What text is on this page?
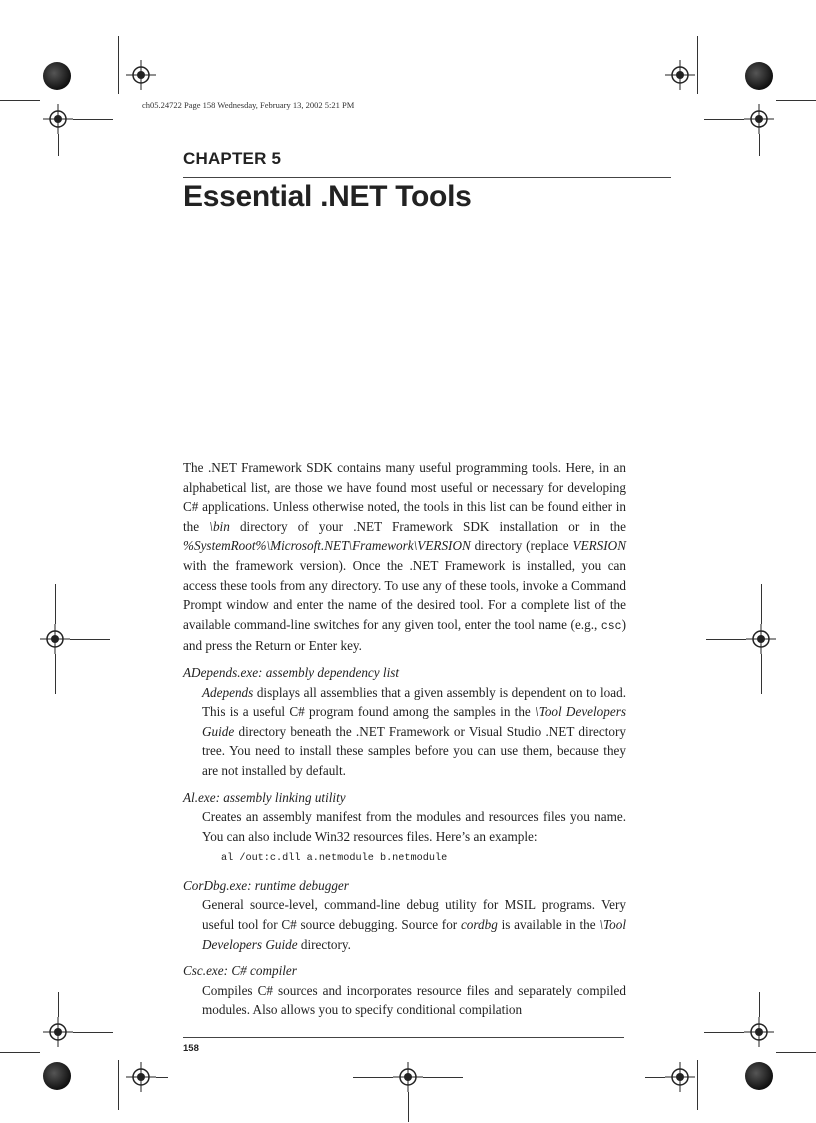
ch05.24722 Page 158 Wednesday, February 13, 2002 5:21 PM
CHAPTER 5
Essential .NET Tools

The .NET Framework SDK contains many useful programming tools. Here, in an alphabetical list, are those we have found most useful or necessary for developing C# applications. Unless otherwise noted, the tools in this list can be found either in the \bin directory of your .NET Framework SDK installation or in the %SystemRoot%\Microsoft.NET\Framework\VERSION directory (replace VERSION with the framework version). Once the .NET Framework is installed, you can access these tools from any directory. To use any of these tools, invoke a Command Prompt window and enter the name of the desired tool. For a complete list of the available command-line switches for any given tool, enter the tool name (e.g., csc) and press the Return or Enter key.

ADepends.exe: assembly dependency list
Adepends displays all assemblies that a given assembly is dependent on to load. This is a useful C# program found among the samples in the \Tool Developers Guide directory beneath the .NET Framework or Visual Studio .NET directory tree. You need to install these samples before you can use them, because they are not installed by default.
Al.exe: assembly linking utility
Creates an assembly manifest from the modules and resources files you name. You can also include Win32 resources files. Here’s an example:
al /out:c.dll a.netmodule b.netmodule
CorDbg.exe: runtime debugger
General source-level, command-line debug utility for MSIL programs. Very useful tool for C# source debugging. Source for cordbg is available in the \Tool Developers Guide directory.
Csc.exe: C# compiler
Compiles C# sources and incorporates resource files and separately compiled modules. Also allows you to specify conditional compilation
158
